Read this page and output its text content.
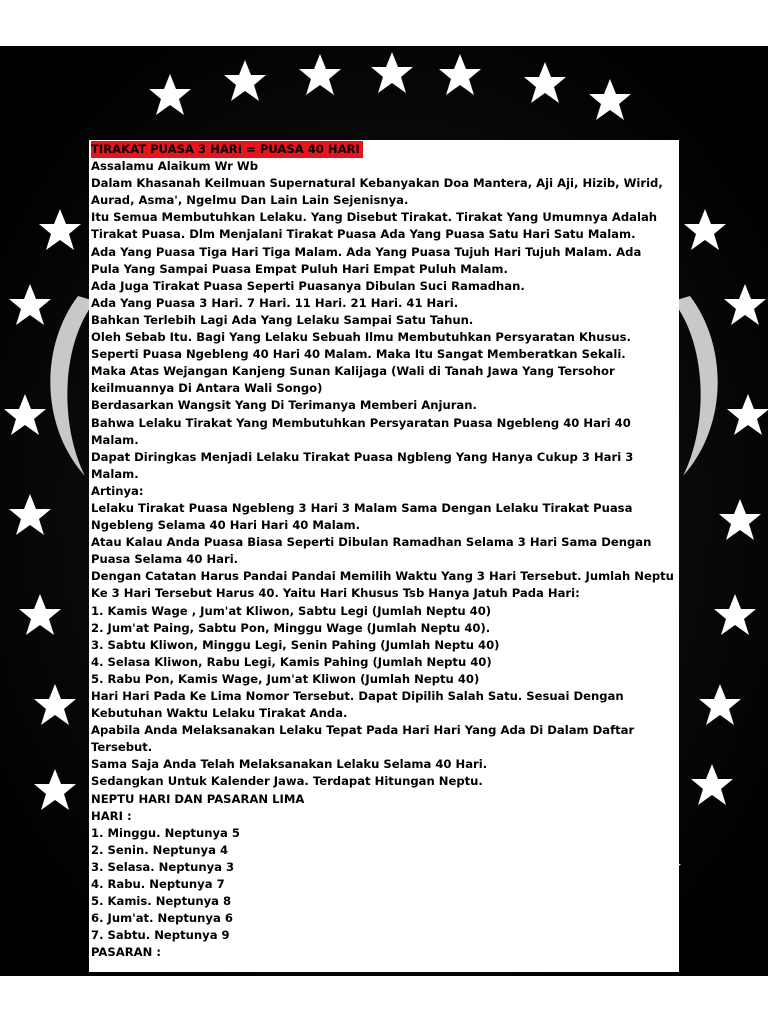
TIRAKAT PUASA 3 HARI = PUASA 40 HARI
Assalamu Alaikum Wr Wb
Dalam Khasanah Keilmuan Supernatural Kebanyakan Doa Mantera, Aji Aji, Hizib, Wirid,
Aurad, Asma', Ngelmu Dan Lain Lain Sejenisnya.
Itu Semua Membutuhkan Lelaku. Yang Disebut Tirakat. Tirakat Yang Umumnya Adalah
Tirakat Puasa. Dlm Menjalani Tirakat Puasa Ada Yang Puasa Satu Hari Satu Malam.
Ada Yang Puasa Tiga Hari Tiga Malam. Ada Yang Puasa Tujuh Hari Tujuh Malam. Ada
Pula Yang Sampai Puasa Empat Puluh Hari Empat Puluh Malam.
Ada Juga Tirakat Puasa Seperti Puasanya Dibulan Suci Ramadhan.
Ada Yang Puasa 3 Hari. 7 Hari. 11 Hari. 21 Hari. 41 Hari.
Bahkan Terlebih Lagi Ada Yang Lelaku Sampai Satu Tahun.
Oleh Sebab Itu. Bagi Yang Lelaku Sebuah Ilmu Membutuhkan Persyaratan Khusus.
Seperti Puasa Ngebleng 40 Hari 40 Malam. Maka Itu Sangat Memberatkan Sekali.
Maka Atas Wejangan Kanjeng Sunan Kalijaga (Wali di Tanah Jawa Yang Tersohor
keilmuannya Di Antara Wali Songo)
Berdasarkan Wangsit Yang Di Terimanya Memberi Anjuran.
Bahwa Lelaku Tirakat Yang Membutuhkan Persyaratan Puasa Ngebleng 40 Hari 40
Malam.
Dapat Diringkas Menjadi Lelaku Tirakat Puasa Ngbleng Yang Hanya Cukup 3 Hari 3
Malam.
Artinya:
Lelaku Tirakat Puasa Ngebleng 3 Hari 3 Malam Sama Dengan Lelaku Tirakat Puasa
Ngebleng Selama 40 Hari Hari 40 Malam.
Atau Kalau Anda Puasa Biasa Seperti Dibulan Ramadhan Selama 3 Hari Sama Dengan
Puasa Selama 40 Hari.
Dengan Catatan Harus Pandai Pandai Memilih Waktu Yang 3 Hari Tersebut. Jumlah Neptu
Ke 3 Hari Tersebut Harus 40. Yaitu Hari Khusus Tsb Hanya Jatuh Pada Hari:
1. Kamis Wage , Jum'at Kliwon, Sabtu Legi (Jumlah Neptu 40)
2. Jum'at Paing, Sabtu Pon, Minggu Wage (Jumlah Neptu 40).
3. Sabtu Kliwon, Minggu Legi, Senin Pahing (Jumlah Neptu 40)
4. Selasa Kliwon, Rabu Legi, Kamis Pahing (Jumlah Neptu 40)
5. Rabu Pon, Kamis Wage, Jum'at Kliwon (Jumlah Neptu 40)
Hari Hari Pada Ke Lima Nomor Tersebut. Dapat Dipilih Salah Satu. Sesuai Dengan
Kebutuhan Waktu Lelaku Tirakat Anda.
Apabila Anda Melaksanakan Lelaku Tepat Pada Hari Hari Yang Ada Di Dalam Daftar
Tersebut.
Sama Saja Anda Telah Melaksanakan Lelaku Selama 40 Hari.
Sedangkan Untuk Kalender Jawa. Terdapat Hitungan Neptu.
NEPTU HARI DAN PASARAN LIMA
HARI :
1. Minggu. Neptunya 5
2. Senin. Neptunya 4
3. Selasa. Neptunya 3
4. Rabu. Neptunya 7
5. Kamis. Neptunya 8
6. Jum'at. Neptunya 6
7. Sabtu. Neptunya 9
PASARAN :
